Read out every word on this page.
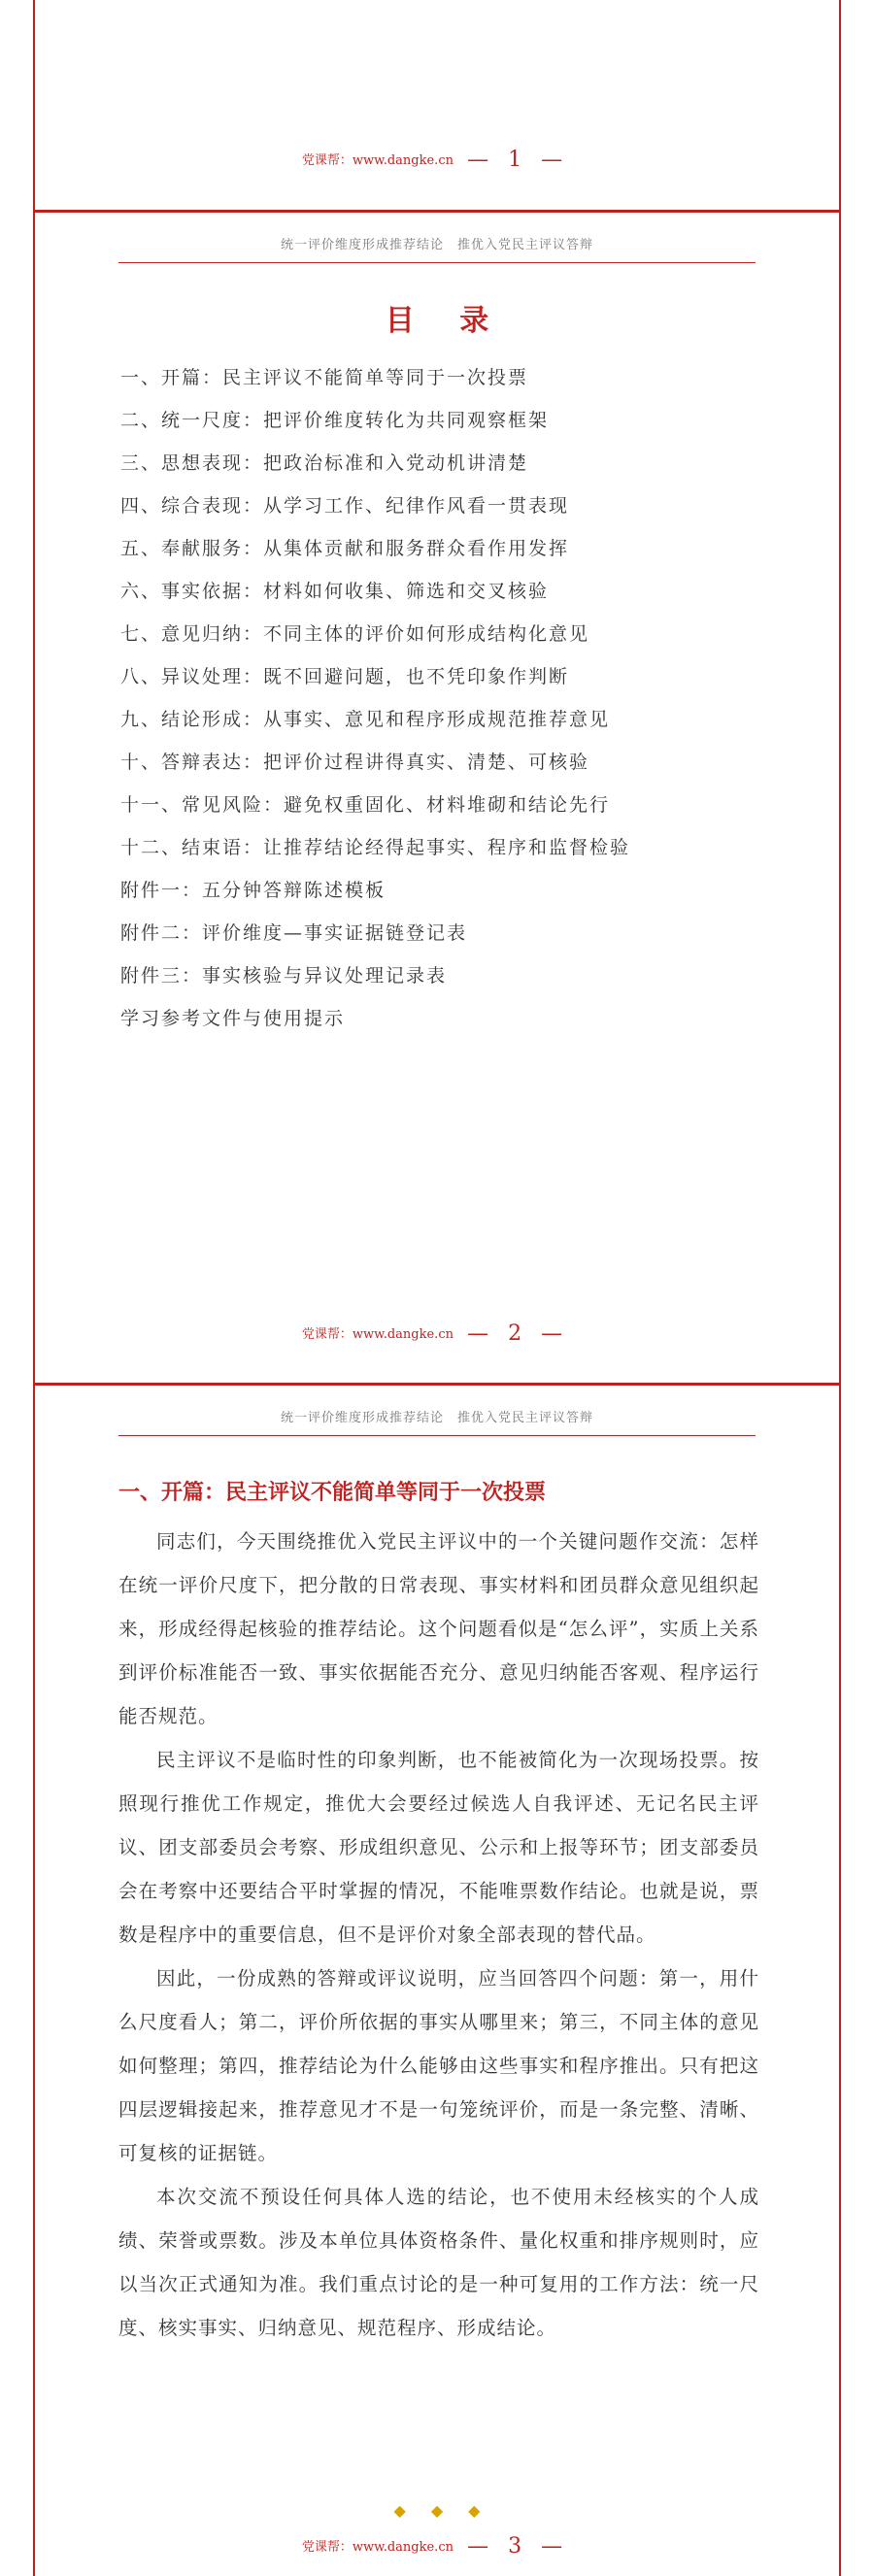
党课帮：www.dangke.cn — 1 —
统一评价维度形成推荐结论 推优入党民主评议答辩
目 录
一、开篇：民主评议不能简单等同于一次投票
二、统一尺度：把评价维度转化为共同观察框架
三、思想表现：把政治标准和入党动机讲清楚
四、综合表现：从学习工作、纪律作风看一贯表现
五、奉献服务：从集体贡献和服务群众看作用发挥
六、事实依据：材料如何收集、筛选和交叉核验
七、意见归纳：不同主体的评价如何形成结构化意见
八、异议处理：既不回避问题，也不凭印象作判断
九、结论形成：从事实、意见和程序形成规范推荐意见
十、答辩表达：把评价过程讲得真实、清楚、可核验
十一、常见风险：避免权重固化、材料堆砌和结论先行
十二、结束语：让推荐结论经得起事实、程序和监督检验
附件一：五分钟答辩陈述模板
附件二：评价维度—事实证据链登记表
附件三：事实核验与异议处理记录表
学习参考文件与使用提示
党课帮：www.dangke.cn — 2 —
统一评价维度形成推荐结论 推优入党民主评议答辩
一、开篇：民主评议不能简单等同于一次投票

同志们，今天围绕推优入党民主评议中的一个关键问题作交流：怎样在统一评价尺度下，把分散的日常表现、事实材料和团员群众意见组织起来，形成经得起核验的推荐结论。这个问题看似是“怎么评”，实质上关系到评价标准能否一致、事实依据能否充分、意见归纳能否客观、程序运行能否规范。

民主评议不是临时性的印象判断，也不能被简化为一次现场投票。按照现行推优工作规定，推优大会要经过候选人自我评述、无记名民主评议、团支部委员会考察、形成组织意见、公示和上报等环节；团支部委员会在考察中还要结合平时掌握的情况，不能唯票数作结论。也就是说，票数是程序中的重要信息，但不是评价对象全部表现的替代品。

因此，一份成熟的答辩或评议说明，应当回答四个问题：第一，用什么尺度看人；第二，评价所依据的事实从哪里来；第三，不同主体的意见如何整理；第四，推荐结论为什么能够由这些事实和程序推出。只有把这四层逻辑接起来，推荐意见才不是一句笼统评价，而是一条完整、清晰、可复核的证据链。

本次交流不预设任何具体人选的结论，也不使用未经核实的个人成绩、荣誉或票数。涉及本单位具体资格条件、量化权重和排序规则时，应以当次正式通知为准。我们重点讨论的是一种可复用的工作方法：统一尺度、核实事实、归纳意见、规范程序、形成结论。

◆◆◆
党课帮：www.dangke.cn — 3 —
